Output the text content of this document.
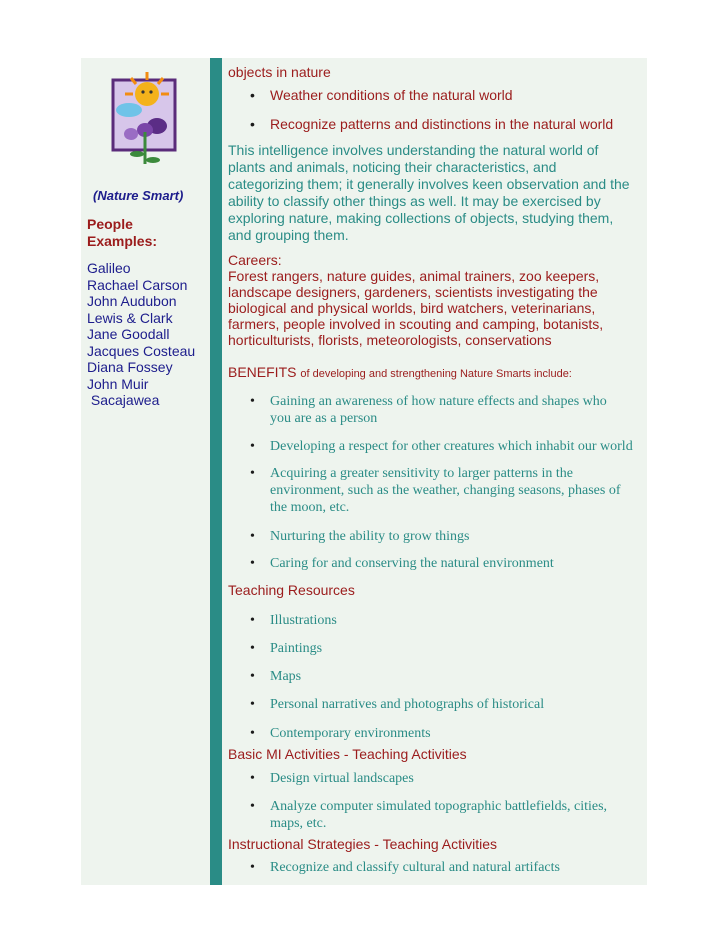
(Nature Smart)
People
Examples:
Galileo
Rachael Carson
John Audubon
Lewis & Clark
Jane Goodall
Jacques Costeau
Diana Fossey
John Muir
Sacajawea
objects in nature
• Weather conditions of the natural world
• Recognize patterns and distinctions in the natural world
This intelligence involves understanding the natural world of
plants and animals, noticing their characteristics, and
categorizing them; it generally involves keen observation and the
ability to classify other things as well. It may be exercised by
exploring nature, making collections of objects, studying them,
and grouping them.
Careers:
Forest rangers, nature guides, animal trainers, zoo keepers,
landscape designers, gardeners, scientists investigating the
biological and physical worlds, bird watchers, veterinarians,
farmers, people involved in scouting and camping, botanists,
horticulturists, florists, meteorologists, conservations
BENEFITS of developing and strengthening Nature Smarts include:
• Gaining an awareness of how nature effects and shapes who
you are as a person
• Developing a respect for other creatures which inhabit our world
• Acquiring a greater sensitivity to larger patterns in the
environment, such as the weather, changing seasons, phases of
the moon, etc.
• Nurturing the ability to grow things
• Caring for and conserving the natural environment
Teaching Resources
• Illustrations
• Paintings
• Maps
• Personal narratives and photographs of historical
• Contemporary environments
Basic MI Activities - Teaching Activities
• Design virtual landscapes
• Analyze computer simulated topographic battlefields, cities,
maps, etc.
Instructional Strategies - Teaching Activities
• Recognize and classify cultural and natural artifacts
